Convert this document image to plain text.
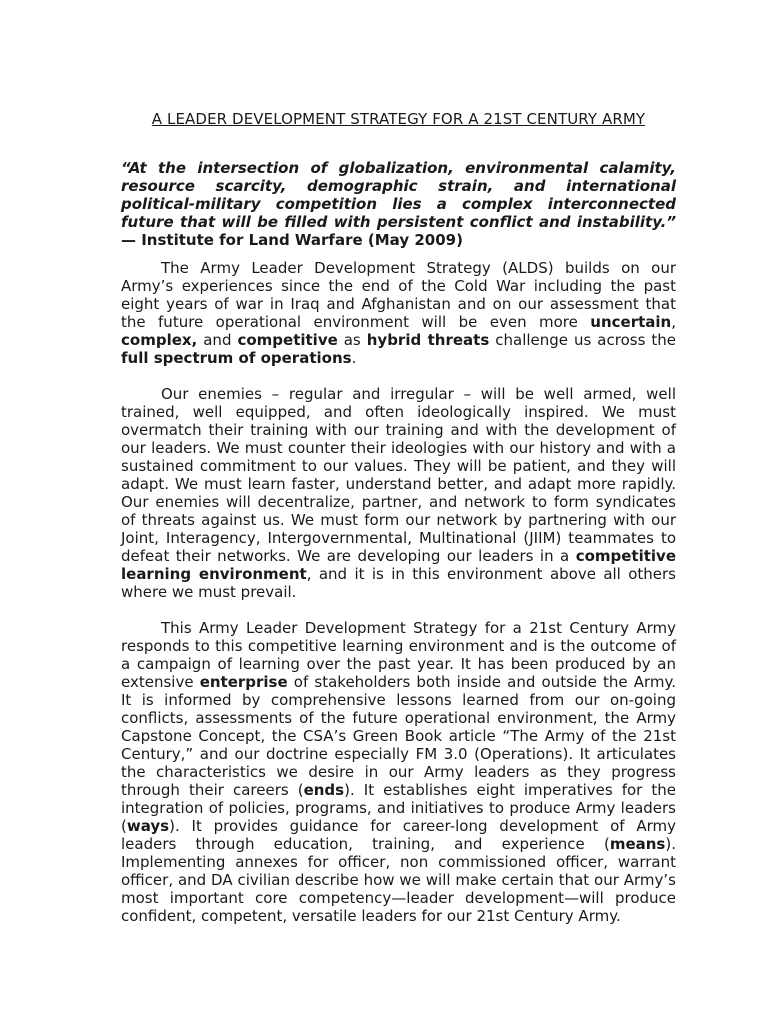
A LEADER DEVELOPMENT STRATEGY FOR A 21ST CENTURY ARMY

“At the intersection of globalization, environmental calamity, resource scarcity, demographic strain, and international political-military competition lies a complex interconnected future that will be filled with persistent conflict and instability.” — Institute for Land Warfare (May 2009)

The Army Leader Development Strategy (ALDS) builds on our Army’s experiences since the end of the Cold War including the past eight years of war in Iraq and Afghanistan and on our assessment that the future operational environment will be even more uncertain, complex, and competitive as hybrid threats challenge us across the full spectrum of operations.

Our enemies – regular and irregular – will be well armed, well trained, well equipped, and often ideologically inspired. We must overmatch their training with our training and with the development of our leaders. We must counter their ideologies with our history and with a sustained commitment to our values. They will be patient, and they will adapt. We must learn faster, understand better, and adapt more rapidly. Our enemies will decentralize, partner, and network to form syndicates of threats against us. We must form our network by partnering with our Joint, Interagency, Intergovernmental, Multinational (JIIM) teammates to defeat their networks. We are developing our leaders in a competitive learning environment, and it is in this environment above all others where we must prevail.

This Army Leader Development Strategy for a 21st Century Army responds to this competitive learning environment and is the outcome of a campaign of learning over the past year. It has been produced by an extensive enterprise of stakeholders both inside and outside the Army. It is informed by comprehensive lessons learned from our on-going conflicts, assessments of the future operational environment, the Army Capstone Concept, the CSA’s Green Book article “The Army of the 21st Century,” and our doctrine especially FM 3.0 (Operations). It articulates the characteristics we desire in our Army leaders as they progress through their careers (ends). It establishes eight imperatives for the integration of policies, programs, and initiatives to produce Army leaders (ways). It provides guidance for career-long development of Army leaders through education, training, and experience (means). Implementing annexes for officer, non commissioned officer, warrant officer, and DA civilian describe how we will make certain that our Army’s most important core competency—leader development—will produce confident, competent, versatile leaders for our 21st Century Army.
